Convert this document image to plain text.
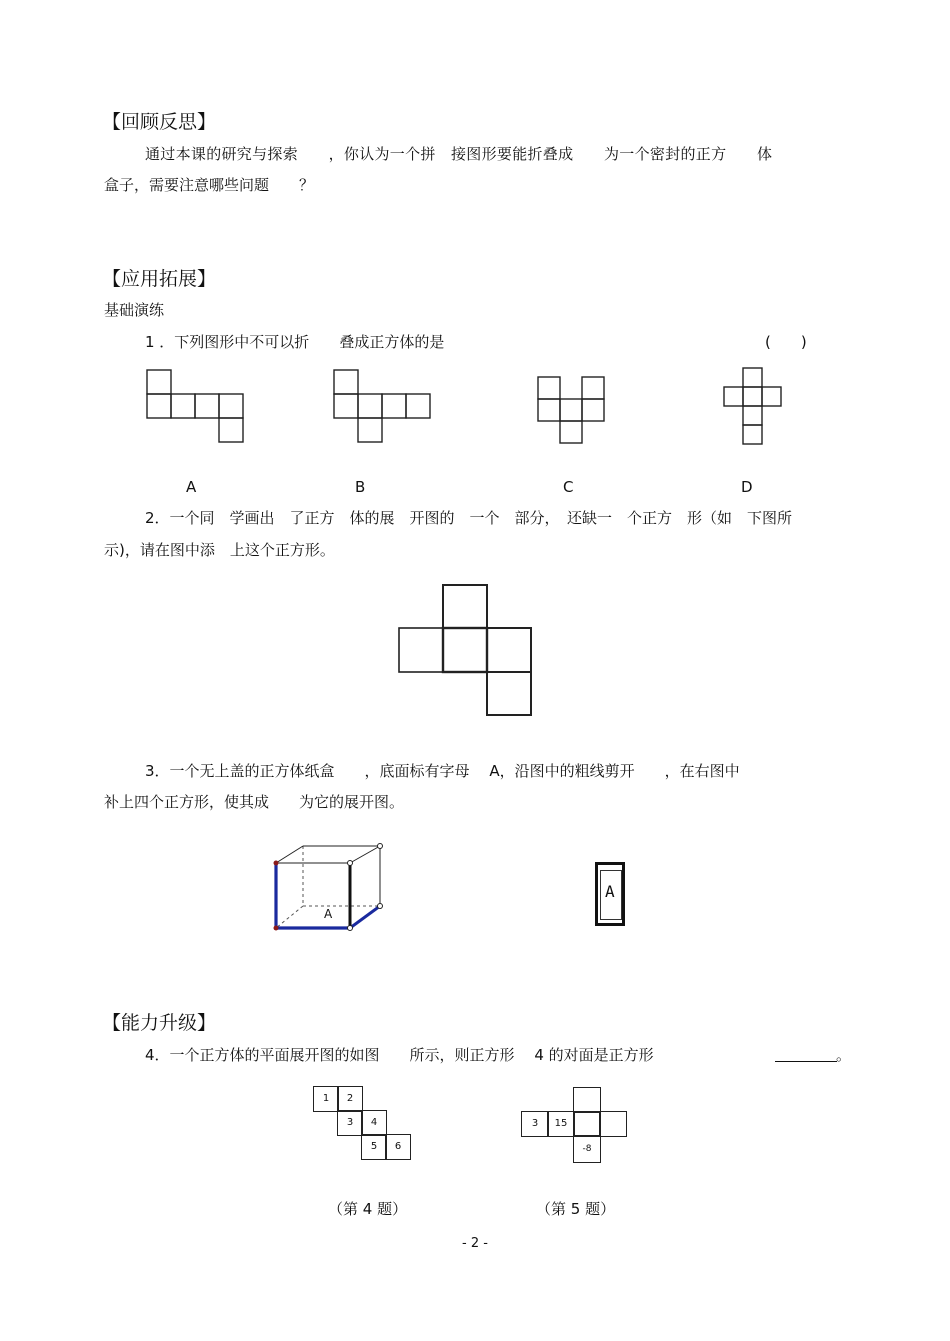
【回顾反思】
通过本课的研究与探索　　，你认为一个拼　接图形要能折叠成　　为一个密封的正方　　体
盒子，需要注意哪些问题　　？
【应用拓展】
基础演练
1 ．下列图形中不可以折　　叠成正方体的是	(　　)
A	B	C	D
2．一个同　学画出　了正方　体的展　开图的　一个　部分，　还缺一　个正方　形（如　下图所
示)，请在图中添　上这个正方形。
3．一个无上盖的正方体纸盒　　，底面标有字母　 A，沿图中的粗线剪开　　，在右图中
补上四个正方形，使其成　　为它的展开图。
A
A
【能力升级】
4．一个正方体的平面展开图的如图　　所示，则正方形　 4 的对面是正方形	。
1	2
3	4
5	6
3	15
-8
（第 4 题）	（第 5 题）
- 2 -
